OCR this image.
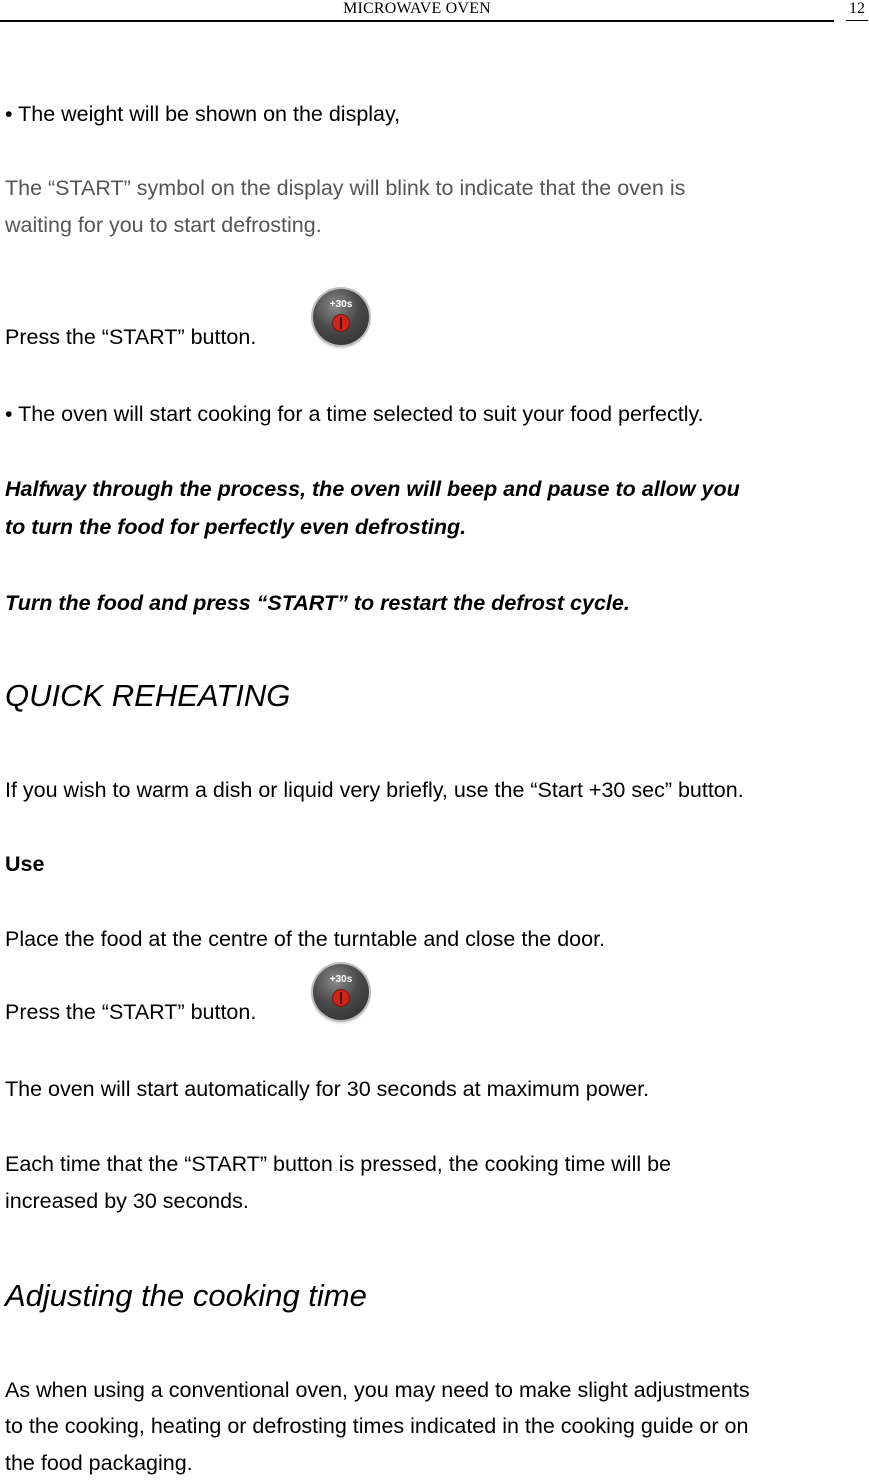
MICROWAVE OVEN	12
• The weight will be shown on the display,
The “START” symbol on the display will blink to indicate that the oven is
waiting for you to start defrosting.
Press the “START” button.
+30s
• The oven will start cooking for a time selected to suit your food perfectly.
Halfway through the process, the oven will beep and pause to allow you
to turn the food for perfectly even defrosting.
Turn the food and press “START” to restart the defrost cycle.
QUICK REHEATING
If you wish to warm a dish or liquid very briefly, use the “Start +30 sec” button.
Use
Place the food at the centre of the turntable and close the door.
Press the “START” button.
+30s
The oven will start automatically for 30 seconds at maximum power.
Each time that the “START” button is pressed, the cooking time will be
increased by 30 seconds.
Adjusting the cooking time
As when using a conventional oven, you may need to make slight adjustments
to the cooking, heating or defrosting times indicated in the cooking guide or on
the food packaging.
